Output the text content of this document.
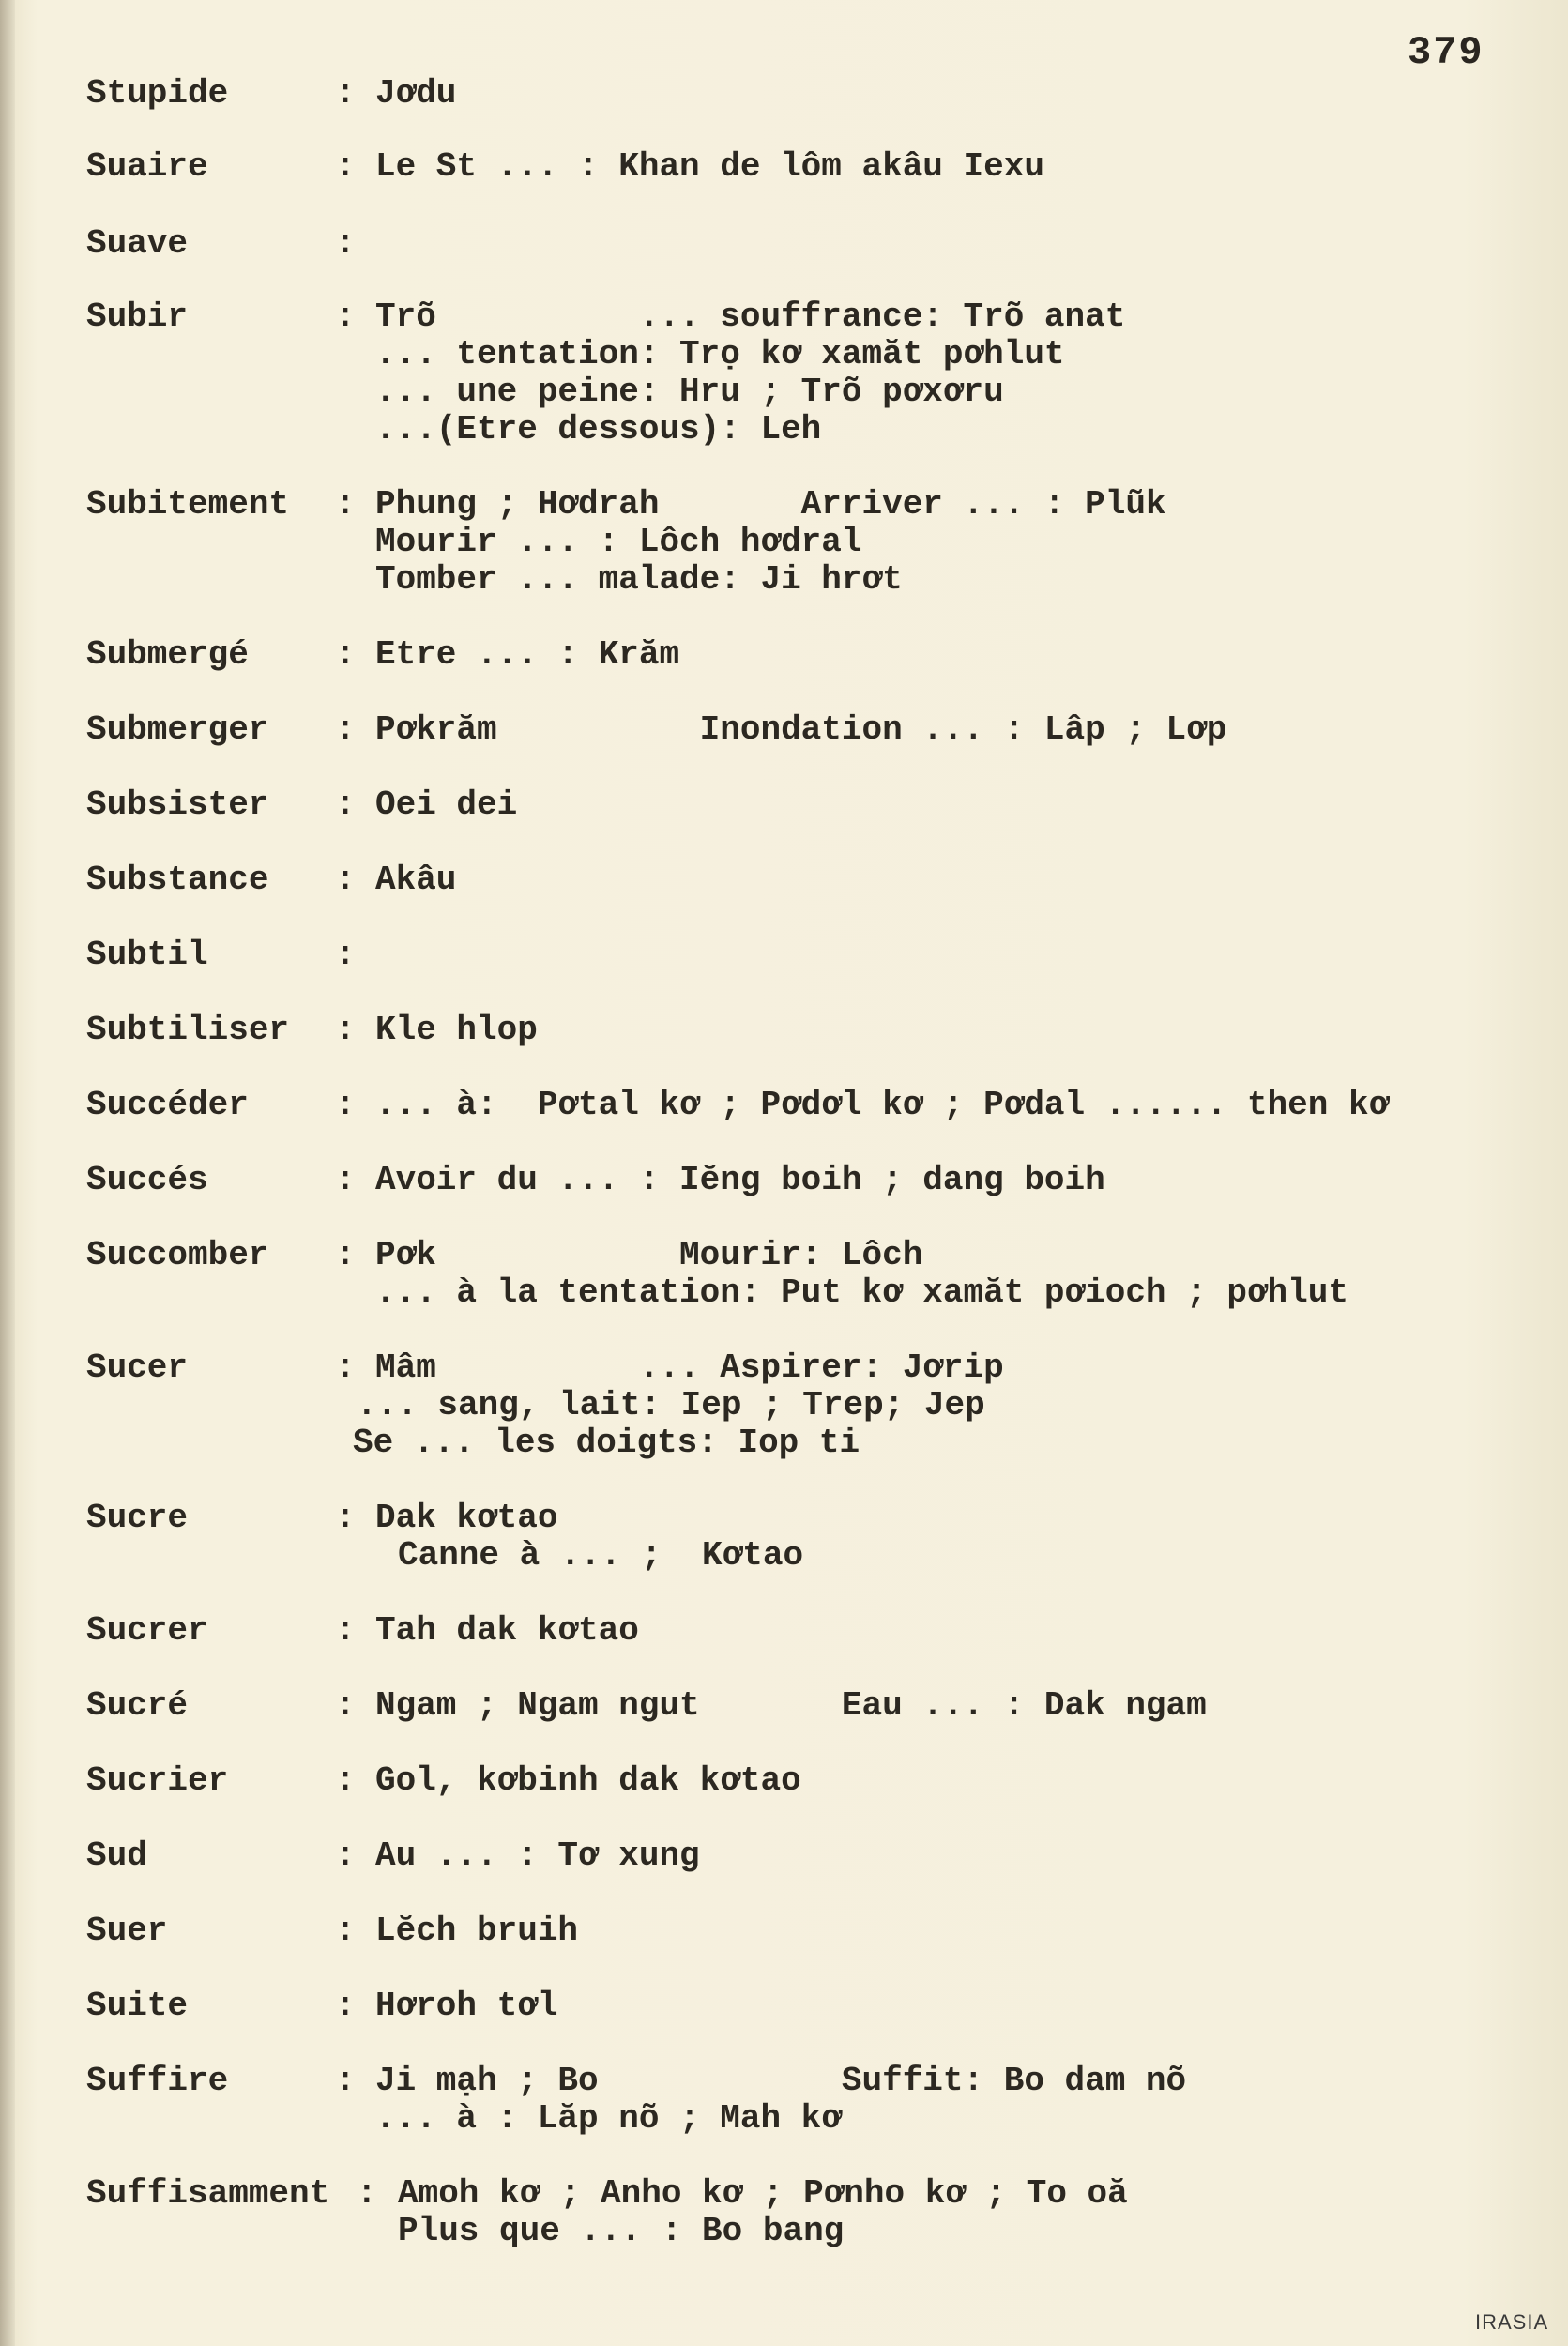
379
Stupide	: Jơdu
Suaire	: Le St ... : Khan de lôm akâu Iexu
Suave	:
Subir	: Trõ          ... souffrance: Trõ anat
... tentation: Trọ kơ xamăt pơhlut
... une peine: Hru ; Trõ pơxơru
...(Etre dessous): Leh
Subitement : Phung ; Hơdrah       Arriver ... : Plũk
Mourir ... : Lôch hơdral
Tomber ... malade: Ji hrơt
Submergé	: Etre ... : Krăm
Submerger : Pơkrăm          Inondation ... : Lâp ; Lơp
Subsister : Oei dei
Substance : Akâu
Subtil	:
Subtiliser : Kle hlop
Succéder	: ... à:  Pơtal kơ ; Pơdơl kơ ; Pơdal ...... then kơ
Succés	: Avoir du ... : Iĕng boih ; dang boih
Succomber : Pơk            Mourir: Lôch
... à la tentation: Put kơ xamăt pơioch ; pơhlut
Sucer	: Mâm          ... Aspirer: Jơrip
... sang, lait: Iep ; Trep; Jep
Se ... les doigts: Iop ti
Sucre	: Dak kơtao
Canne à ... ;  Kơtao
Sucrer	: Tah dak kơtao
Sucré	: Ngam ; Ngam ngut       Eau ... : Dak ngam
Sucrier	: Gol, kơbinh dak kơtao
Sud	: Au ... : Tơ xung
Suer	: Lĕch bruih
Suite	: Hơroh tơl
Suffire	: Ji mạh ; Bo            Suffit: Bo dam nõ
... à : Lăp nõ ; Mah kơ
Suffisamment : Amoh kơ ; Anho kơ ; Pơnho kơ ; To oă
Plus que ... : Bo bang
IRASIA
